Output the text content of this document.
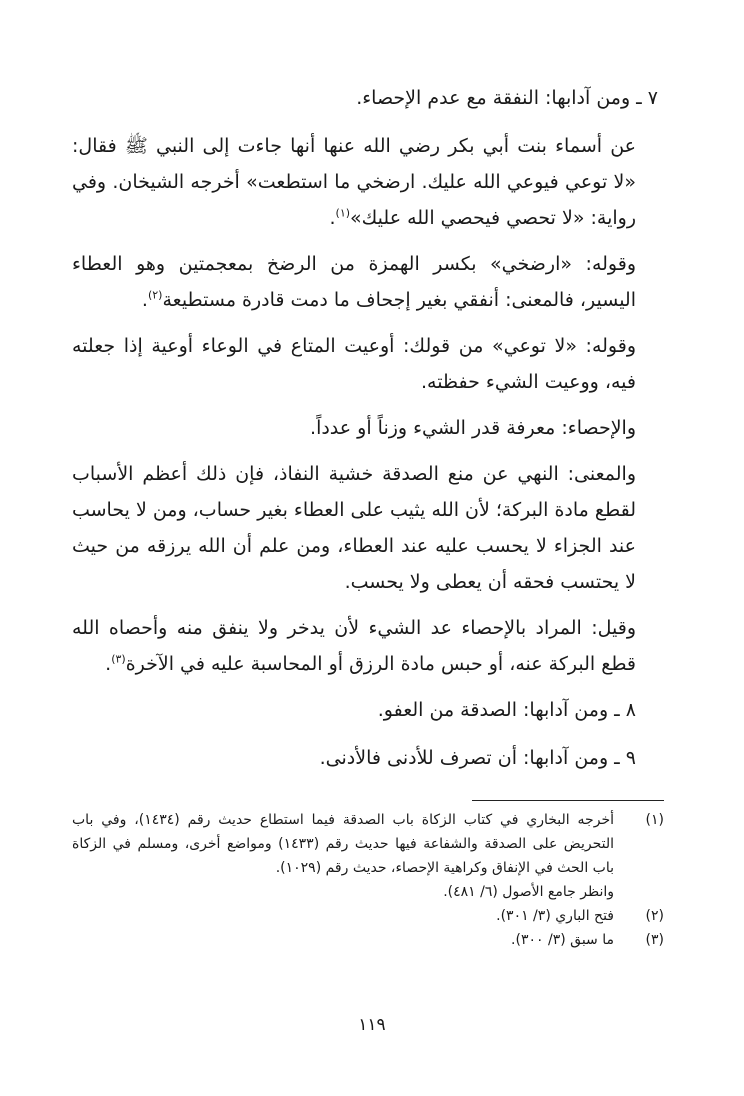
٧ ـ ومن آدابها: النفقة مع عدم الإحصاء.

عن أسماء بنت أبي بكر رضي الله عنها أنها جاءت إلى النبي ﷺ فقال: «لا توعي فيوعي الله عليك. ارضخي ما استطعت» أخرجه الشيخان. وفي رواية: «لا تحصي فيحصي الله عليك»$^{(١)}$.

وقوله: «ارضخي» بكسر الهمزة من الرضخ بمعجمتين وهو العطاء اليسير، فالمعنى: أنفقي بغير إجحاف ما دمت قادرة مستطيعة$^{(٢)}$.

وقوله: «لا توعي» من قولك: أوعيت المتاع في الوعاء أوعية إذا جعلته فيه، ووعيت الشيء حفظته.

والإحصاء: معرفة قدر الشيء وزناً أو عدداً.

والمعنى: النهي عن منع الصدقة خشية النفاذ، فإن ذلك أعظم الأسباب لقطع مادة البركة؛ لأن الله يثيب على العطاء بغير حساب، ومن لا يحاسب عند الجزاء لا يحسب عليه عند العطاء، ومن علم أن الله يرزقه من حيث لا يحتسب فحقه أن يعطى ولا يحسب.

وقيل: المراد بالإحصاء عد الشيء لأن يدخر ولا ينفق منه وأحصاه الله قطع البركة عنه، أو حبس مادة الرزق أو المحاسبة عليه في الآخرة$^{(٣)}$.

٨ ـ ومن آدابها: الصدقة من العفو.

٩ ـ ومن آدابها: أن تصرف للأدنى فالأدنى.

(١)
أخرجه البخاري في كتاب الزكاة باب الصدقة فيما استطاع حديث رقم (١٤٣٤)، وفي باب التحريض على الصدقة والشفاعة فيها حديث رقم (١٤٣٣) ومواضع أخرى، ومسلم في الزكاة باب الحث في الإنفاق وكراهية الإحصاء، حديث رقم (١٠٢٩).
وانظر جامع الأصول (٦/ ٤٨١).
(٢)
فتح الباري (٣/ ٣٠١).
(٣)
ما سبق (٣/ ٣٠٠).
١١٩
